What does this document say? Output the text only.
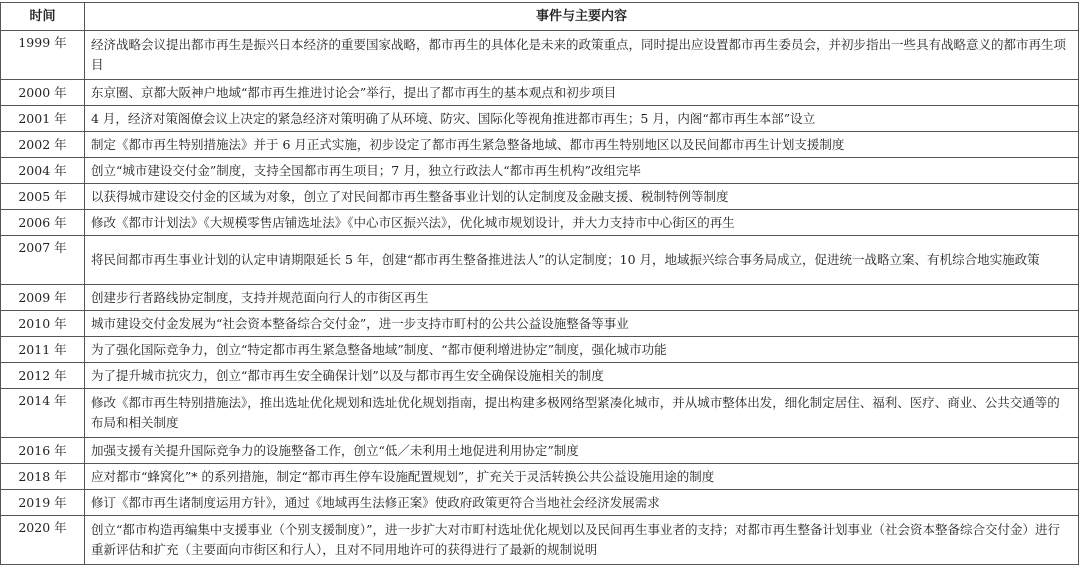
时间	事件与主要内容
1999 年	经济战略会议提出都市再生是振兴日本经济的重要国家战略，都市再生的具体化是未来的政策重点，同时提出应设置都市再生委员会，并初步指出一些具有战略意义的都市再生项目
2000 年	东京圈、京都大阪神户地域“都市再生推进讨论会”举行，提出了都市再生的基本观点和初步项目
2001 年	4 月，经济对策阁僚会议上决定的紧急经济对策明确了从环境、防灾、国际化等视角推进都市再生；5 月，内阁“都市再生本部”设立
2002 年	制定《都市再生特别措施法》并于 6 月正式实施，初步设定了都市再生紧急整备地域、都市再生特别地区以及民间都市再生计划支援制度
2004 年	创立“城市建设交付金”制度，支持全国都市再生项目；7 月，独立行政法人“都市再生机构”改组完毕
2005 年	以获得城市建设交付金的区域为对象，创立了对民间都市再生整备事业计划的认定制度及金融支援、税制特例等制度
2006 年	修改《都市计划法》《大规模零售店铺选址法》《中心市区振兴法》，优化城市规划设计，并大力支持市中心街区的再生
2007 年	将民间都市再生事业计划的认定申请期限延长 5 年，创建“都市再生整备推进法人”的认定制度；10 月，地域振兴综合事务局成立，促进统一战略立案、有机综合地实施政策
2009 年	创建步行者路线协定制度，支持并规范面向行人的市街区再生
2010 年	城市建设交付金发展为“社会资本整备综合交付金”，进一步支持市町村的公共公益设施整备等事业
2011 年	为了强化国际竞争力，创立“特定都市再生紧急整备地域”制度、“都市便利增进协定”制度，强化城市功能
2012 年	为了提升城市抗灾力，创立“都市再生安全确保计划”以及与都市再生安全确保设施相关的制度
2014 年	修改《都市再生特别措施法》，推出选址优化规划和选址优化规划指南，提出构建多极网络型紧凑化城市，并从城市整体出发，细化制定居住、福利、医疗、商业、公共交通等的布局和相关制度
2016 年	加强支援有关提升国际竞争力的设施整备工作，创立“低／未利用土地促进利用协定”制度
2018 年	应对都市“蜂窝化”* 的系列措施，制定“都市再生停车设施配置规划”，扩充关于灵活转换公共公益设施用途的制度
2019 年	修订《都市再生诸制度运用方针》，通过《地域再生法修正案》使政府政策更符合当地社会经济发展需求
2020 年	创立“都市构造再编集中支援事业（个别支援制度）”，进一步扩大对市町村选址优化规划以及民间再生事业者的支持；对都市再生整备计划事业（社会资本整备综合交付金）进行重新评估和扩充（主要面向市街区和行人），且对不同用地许可的获得进行了最新的规制说明
